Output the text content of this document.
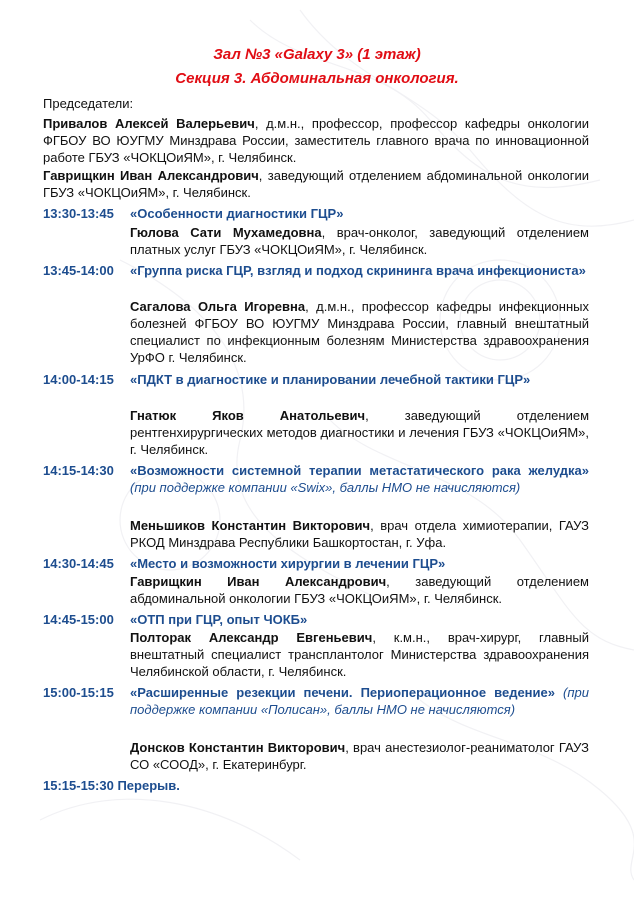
Зал №3 «Galaxy 3» (1 этаж)
Секция 3. Абдоминальная онкология.
Председатели:
Привалов Алексей Валерьевич, д.м.н., профессор, профессор кафедры онкологии ФГБОУ ВО ЮУГМУ Минздрава России, заместитель главного врача по инновационной работе ГБУЗ «ЧОКЦОиЯМ», г. Челябинск.
Гаврищкин Иван Александрович, заведующий отделением абдоминальной онкологии ГБУЗ «ЧОКЦОиЯМ», г. Челябинск.
13:30-13:45 «Особенности диагностики ГЦР»
Гюлова Сати Мухамедовна, врач-онколог, заведующий отделением платных услуг ГБУЗ «ЧОКЦОиЯМ», г. Челябинск.
13:45-14:00 «Группа риска ГЦР, взгляд и подход скрининга врача инфекциониста»
Сагалова Ольга Игоревна, д.м.н., профессор кафедры инфекционных болезней ФГБОУ ВО ЮУГМУ Минздрава России, главный внештатный специалист по инфекционным болезням Министерства здравоохранения УрФО г. Челябинск.
14:00-14:15 «ПДКТ в диагностике и планировании лечебной тактики ГЦР»
Гнатюк Яков Анатольевич, заведующий отделением рентгенхирургических методов диагностики и лечения ГБУЗ «ЧОКЦОиЯМ», г. Челябинск.
14:15-14:30 «Возможности системной терапии метастатического рака желудка» (при поддержке компании «Swix», баллы НМО не начисляются)
Меньшиков Константин Викторович, врач отдела химиотерапии, ГАУЗ РКОД Минздрава Республики Башкортостан, г. Уфа.
14:30-14:45 «Место и возможности хирургии в лечении ГЦР»
Гаврищкин Иван Александрович, заведующий отделением абдоминальной онкологии ГБУЗ «ЧОКЦОиЯМ», г. Челябинск.
14:45-15:00 «ОТП при ГЦР, опыт ЧОКБ»
Полторак Александр Евгеньевич, к.м.н., врач-хирург, главный внештатный специалист трансплантолог Министерства здравоохранения Челябинской области, г. Челябинск.
15:00-15:15 «Расширенные резекции печени. Периоперационное ведение» (при поддержке компании «Полисан», баллы НМО не начисляются)
Донсков Константин Викторович, врач анестезиолог-реаниматолог ГАУЗ СО «СООД», г. Екатеринбург.
15:15-15:30 Перерыв.
